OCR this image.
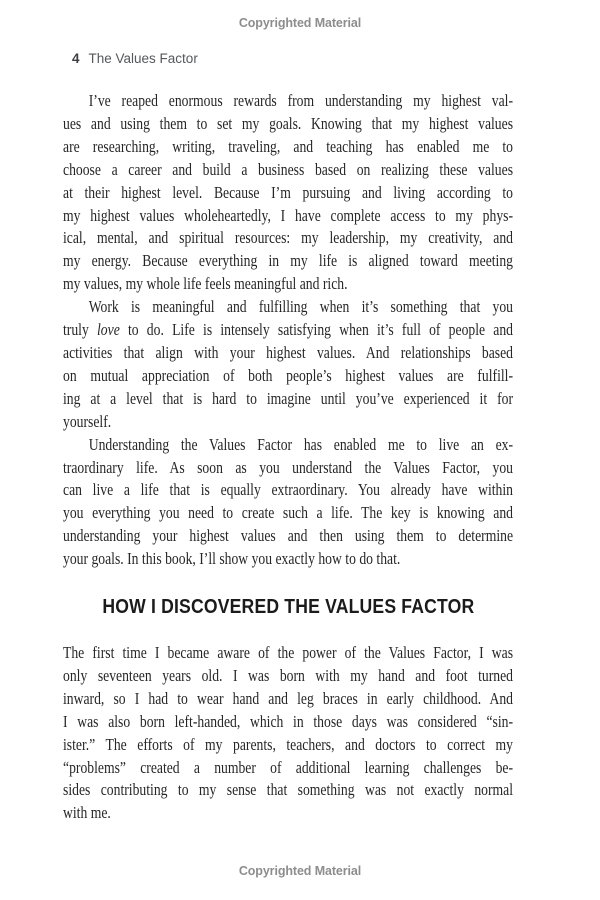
Copyrighted Material
4 The Values Factor
I’ve reaped enormous rewards from understanding my highest val-
ues and using them to set my goals. Knowing that my highest values
are researching, writing, traveling, and teaching has enabled me to
choose a career and build a business based on realizing these values
at their highest level. Because I’m pursuing and living according to
my highest values wholeheartedly, I have complete access to my phys-
ical, mental, and spiritual resources: my leadership, my creativity, and
my energy. Because everything in my life is aligned toward meeting
my values, my whole life feels meaningful and rich.
Work is meaningful and fulfilling when it’s something that you
truly love to do. Life is intensely satisfying when it’s full of people and
activities that align with your highest values. And relationships based
on mutual appreciation of both people’s highest values are fulfill-
ing at a level that is hard to imagine until you’ve experienced it for
yourself.
Understanding the Values Factor has enabled me to live an ex-
traordinary life. As soon as you understand the Values Factor, you
can live a life that is equally extraordinary. You already have within
you everything you need to create such a life. The key is knowing and
understanding your highest values and then using them to determine
your goals. In this book, I’ll show you exactly how to do that.
HOW I DISCOVERED THE VALUES FACTOR
The first time I became aware of the power of the Values Factor, I was
only seventeen years old. I was born with my hand and foot turned
inward, so I had to wear hand and leg braces in early childhood. And
I was also born left-handed, which in those days was considered “sin-
ister.” The efforts of my parents, teachers, and doctors to correct my
“problems” created a number of additional learning challenges be-
sides contributing to my sense that something was not exactly normal
with me.
Copyrighted Material
